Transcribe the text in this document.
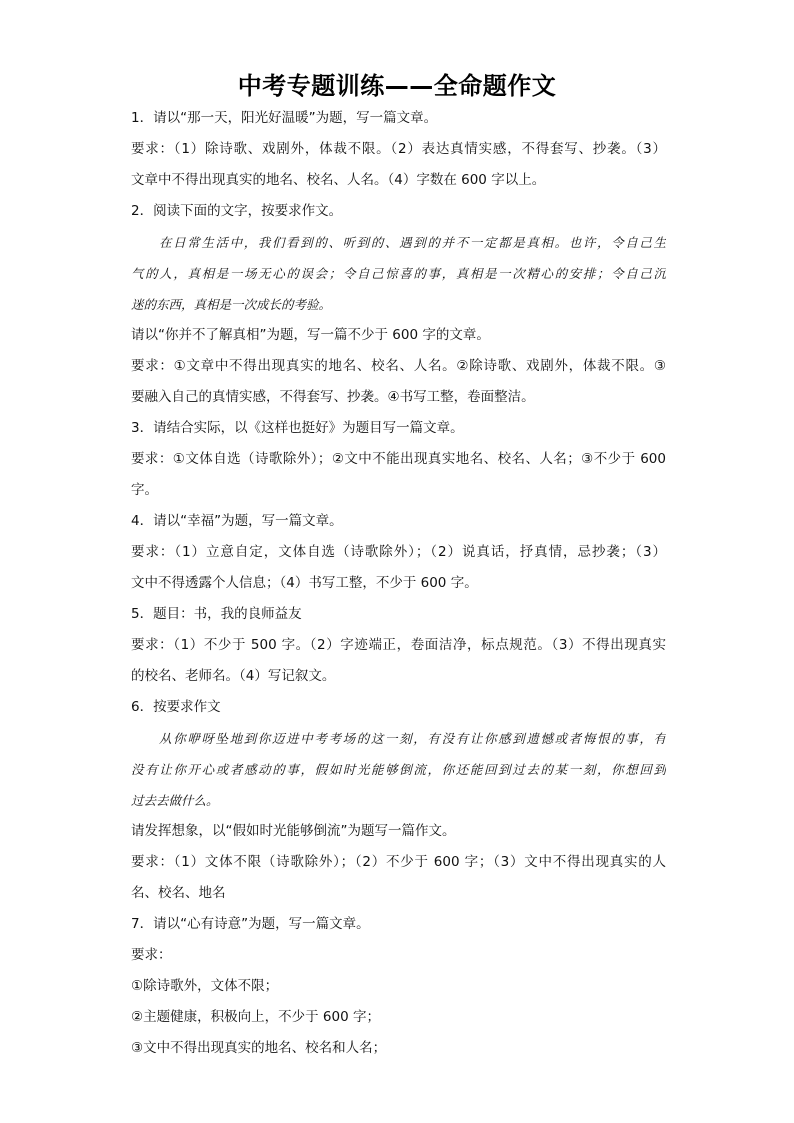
中考专题训练——全命题作文
1．请以“那一天，阳光好温暖”为题，写一篇文章。
要求：（1）除诗歌、戏剧外，体裁不限。（2）表达真情实感，不得套写、抄袭。（3）
文章中不得出现真实的地名、校名、人名。（4）字数在 600 字以上。
2．阅读下面的文字，按要求作文。
在日常生活中，我们看到的、听到的、遇到的并不一定都是真相。也许，令自己生
气的人，真相是一场无心的误会；令自己惊喜的事，真相是一次精心的安排；令自己沉
迷的东西，真相是一次成长的考验。
请以“你并不了解真相”为题，写一篇不少于 600 字的文章。
要求：①文章中不得出现真实的地名、校名、人名。②除诗歌、戏剧外，体裁不限。③
要融入自己的真情实感，不得套写、抄袭。④书写工整，卷面整洁。
3．请结合实际，以《这样也挺好》为题目写一篇文章。
要求：①文体自选（诗歌除外）；②文中不能出现真实地名、校名、人名；③不少于 600
字。
4．请以“幸福”为题，写一篇文章。
要求：（1）立意自定，文体自选（诗歌除外）；（2）说真话，抒真情，忌抄袭；（3）
文中不得透露个人信息；（4）书写工整，不少于 600 字。
5．题目：书，我的良师益友
要求：（1）不少于 500 字。（2）字迹端正，卷面洁净，标点规范。（3）不得出现真实
的校名、老师名。（4）写记叙文。
6．按要求作文
从你咿呀坠地到你迈进中考考场的这一刻，有没有让你感到遗憾或者悔恨的事，有
没有让你开心或者感动的事，假如时光能够倒流，你还能回到过去的某一刻，你想回到
过去去做什么。
请发挥想象，以“假如时光能够倒流”为题写一篇作文。
要求：（1）文体不限（诗歌除外）；（2）不少于 600 字；（3）文中不得出现真实的人
名、校名、地名
7．请以“心有诗意”为题，写一篇文章。
要求：
①除诗歌外，文体不限；
②主题健康，积极向上，不少于 600 字；
③文中不得出现真实的地名、校名和人名；
